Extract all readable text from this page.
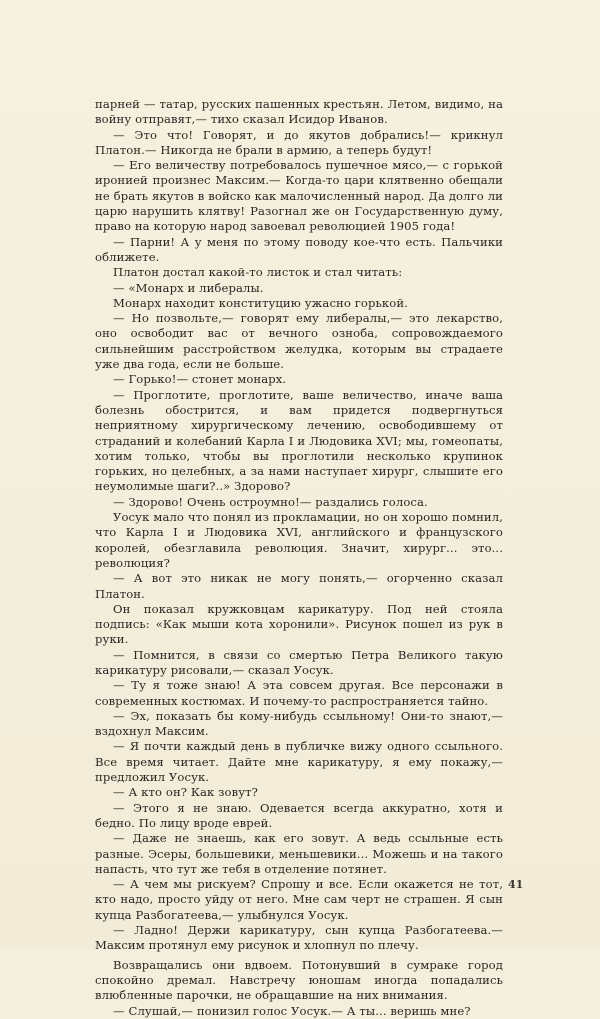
парней — татар, русских пашенных крестьян. Летом, видимо, на войну отправят,— тихо сказал Исидор Иванов.

— Это что! Говорят, и до якутов добрались!— крикнул Платон.— Никогда не брали в армию, а теперь будут!

— Его величеству потребовалось пушечное мясо,— с горькой иронией произнес Максим.— Когда-то цари клятвенно обещали не брать якутов в войско как малочисленный народ. Да долго ли царю нарушить клятву! Разогнал же он Государственную думу, право на которую народ завоевал революцией 1905 года!

— Парни! А у меня по этому поводу кое-что есть. Пальчики оближете.

Платон достал какой-то листок и стал читать:

— «Монарх и либералы.

Монарх находит конституцию ужасно горькой.

— Но позвольте,— говорят ему либералы,— это лекарство, оно освободит вас от вечного озноба, сопровождаемого сильнейшим расстройством желудка, которым вы страдаете уже два года, если не больше.

— Горько!— стонет монарх.

— Проглотите, проглотите, ваше величество, иначе ваша болезнь обострится, и вам придется подвергнуться неприятному хирургическому лечению, освободившему от страданий и колебаний Карла I и Людовика XVI; мы, гомеопаты, хотим только, чтобы вы проглотили несколько крупинок горьких, но целебных, а за нами наступает хирург, слышите его неумолимые шаги?..» Здорово?

— Здорово! Очень остроумно!— раздались голоса.

Уосук мало что понял из прокламации, но он хорошо помнил, что Карла I и Людовика XVI, английского и французского королей, обезглавила революция. Значит, хирург... это... революция?

— А вот это никак не могу понять,— огорченно сказал Платон.

Он показал кружковцам карикатуру. Под ней стояла подпись: «Как мыши кота хоронили». Рисунок пошел из рук в руки.

— Помнится, в связи со смертью Петра Великого такую карикатуру рисовали,— сказал Уосук.

— Ту я тоже знаю! А эта совсем другая. Все персонажи в современных костюмах. И почему-то распространяется тайно.

— Эх, показать бы кому-нибудь ссыльному! Они-то знают,— вздохнул Максим.

— Я почти каждый день в публичке вижу одного ссыльного. Все время читает. Дайте мне карикатуру, я ему покажу,— предложил Уосук.

— А кто он? Как зовут?

— Этого я не знаю. Одевается всегда аккуратно, хотя и бедно. По лицу вроде еврей.

— Даже не знаешь, как его зовут. А ведь ссыльные есть разные. Эсеры, большевики, меньшевики... Можешь и на такого напасть, что тут же тебя в отделение потянет.

— А чем мы рискуем? Спрошу и все. Если окажется не тот, кто надо, просто уйду от него. Мне сам черт не страшен. Я сын купца Разбогатеева,— улыбнулся Уосук.

— Ладно! Держи карикатуру, сын купца Разбогатеева.— Максим протянул ему рисунок и хлопнул по плечу.

Возвращались они вдвоем. Потонувший в сумраке город спокойно дремал. Навстречу юношам иногда попадались влюбленные парочки, не обращавшие на них внимания.

— Слушай,— понизил голос Уосук.— А ты... веришь мне?

41
